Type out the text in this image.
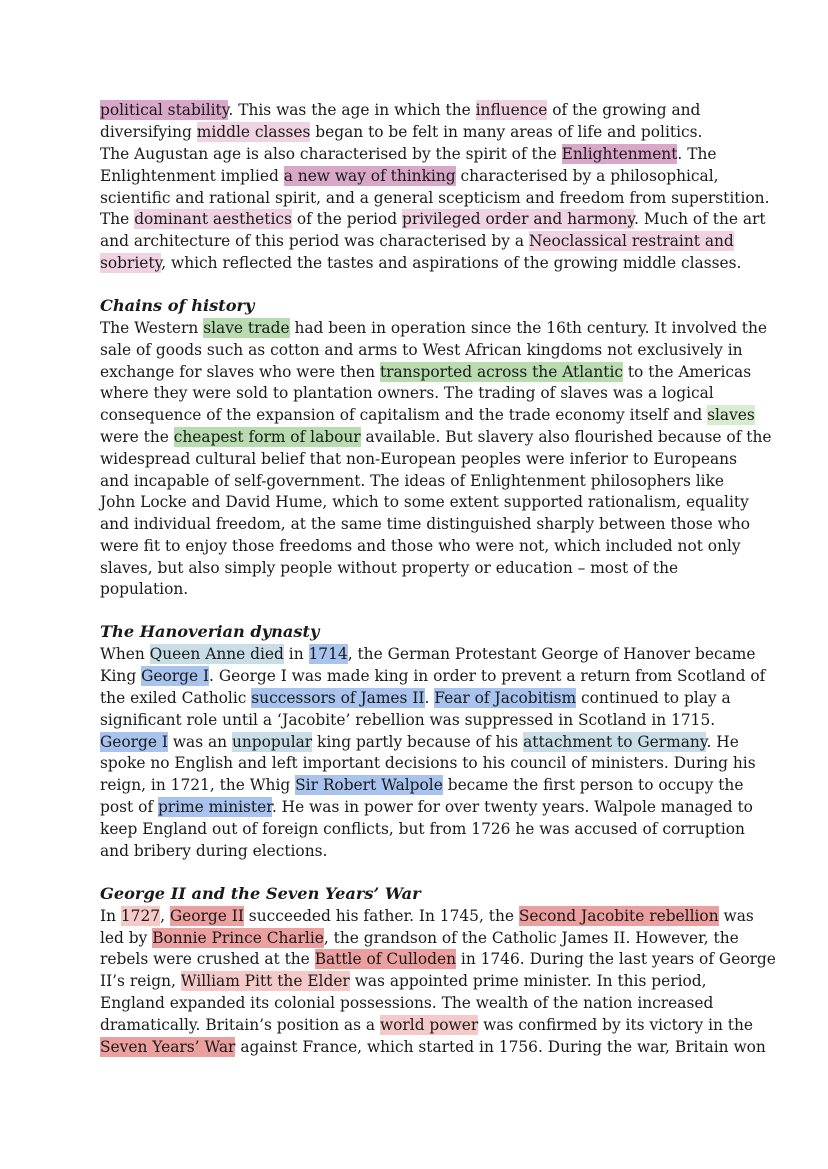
political stability. This was the age in which the influence of the growing and
diversifying middle classes began to be felt in many areas of life and politics.
The Augustan age is also characterised by the spirit of the Enlightenment. The
Enlightenment implied a new way of thinking characterised by a philosophical,
scientific and rational spirit, and a general scepticism and freedom from superstition.
The dominant aesthetics of the period privileged order and harmony. Much of the art
and architecture of this period was characterised by a Neoclassical restraint and
sobriety, which reflected the tastes and aspirations of the growing middle classes.
Chains of history
The Western slave trade had been in operation since the 16th century. It involved the
sale of goods such as cotton and arms to West African kingdoms not exclusively in
exchange for slaves who were then transported across the Atlantic to the Americas
where they were sold to plantation owners. The trading of slaves was a logical
consequence of the expansion of capitalism and the trade economy itself and slaves
were the cheapest form of labour available. But slavery also flourished because of the
widespread cultural belief that non-European peoples were inferior to Europeans
and incapable of self-government. The ideas of Enlightenment philosophers like
John Locke and David Hume, which to some extent supported rationalism, equality
and individual freedom, at the same time distinguished sharply between those who
were fit to enjoy those freedoms and those who were not, which included not only
slaves, but also simply people without property or education – most of the
population.
The Hanoverian dynasty
When Queen Anne died in 1714, the German Protestant George of Hanover became
King George I. George I was made king in order to prevent a return from Scotland of
the exiled Catholic successors of James II. Fear of Jacobitism continued to play a
significant role until a ‘Jacobite’ rebellion was suppressed in Scotland in 1715.
George I was an unpopular king partly because of his attachment to Germany. He
spoke no English and left important decisions to his council of ministers. During his
reign, in 1721, the Whig Sir Robert Walpole became the first person to occupy the
post of prime minister. He was in power for over twenty years. Walpole managed to
keep England out of foreign conflicts, but from 1726 he was accused of corruption
and bribery during elections.
George II and the Seven Years’ War
In 1727, George II succeeded his father. In 1745, the Second Jacobite rebellion was
led by Bonnie Prince Charlie, the grandson of the Catholic James II. However, the
rebels were crushed at the Battle of Culloden in 1746. During the last years of George
II’s reign, William Pitt the Elder was appointed prime minister. In this period,
England expanded its colonial possessions. The wealth of the nation increased
dramatically. Britain’s position as a world power was confirmed by its victory in the
Seven Years’ War against France, which started in 1756. During the war, Britain won
